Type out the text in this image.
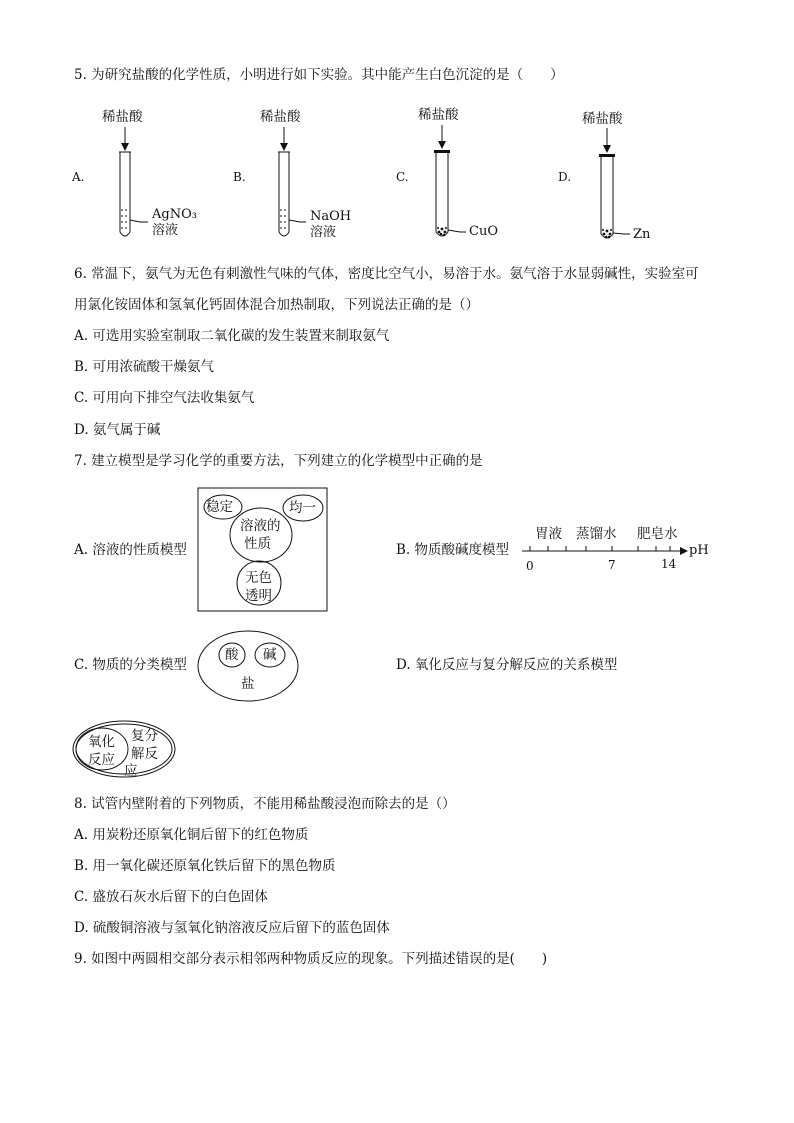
5. 为研究盐酸的化学性质，小明进行如下实验。其中能产生白色沉淀的是（　　）
稀盐酸
A.
AgNO₃
溶液
稀盐酸
B.
NaOH
溶液
稀盐酸
C.
CuO
稀盐酸
D.
Zn
6. 常温下，氨气为无色有刺激性气味的气体，密度比空气小，易溶于水。氨气溶于水显弱碱性，实验室可
用氯化铵固体和氢氧化钙固体混合加热制取，下列说法正确的是（）
A. 可选用实验室制取二氧化碳的发生装置来制取氨气
B. 可用浓硫酸干燥氨气
C. 可用向下排空气法收集氨气
D. 氨气属于碱
7. 建立模型是学习化学的重要方法，下列建立的化学模型中正确的是
稳定	均一
溶液的
性质
无色
透明
A. 溶液的性质模型
胃液 蒸馏水 肥皂水
pH
0	7	14
B. 物质酸碱度模型
酸 碱
盐
C. 物质的分类模型	D. 氧化反应与复分解反应的关系模型
氧化
反应
复分
解反
应
8. 试管内壁附着的下列物质，不能用稀盐酸浸泡而除去的是（）
A. 用炭粉还原氧化铜后留下的红色物质
B. 用一氧化碳还原氧化铁后留下的黑色物质
C. 盛放石灰水后留下的白色固体
D. 硫酸铜溶液与氢氧化钠溶液反应后留下的蓝色固体
9. 如图中两圆相交部分表示相邻两种物质反应的现象。下列描述错误的是(　　)
